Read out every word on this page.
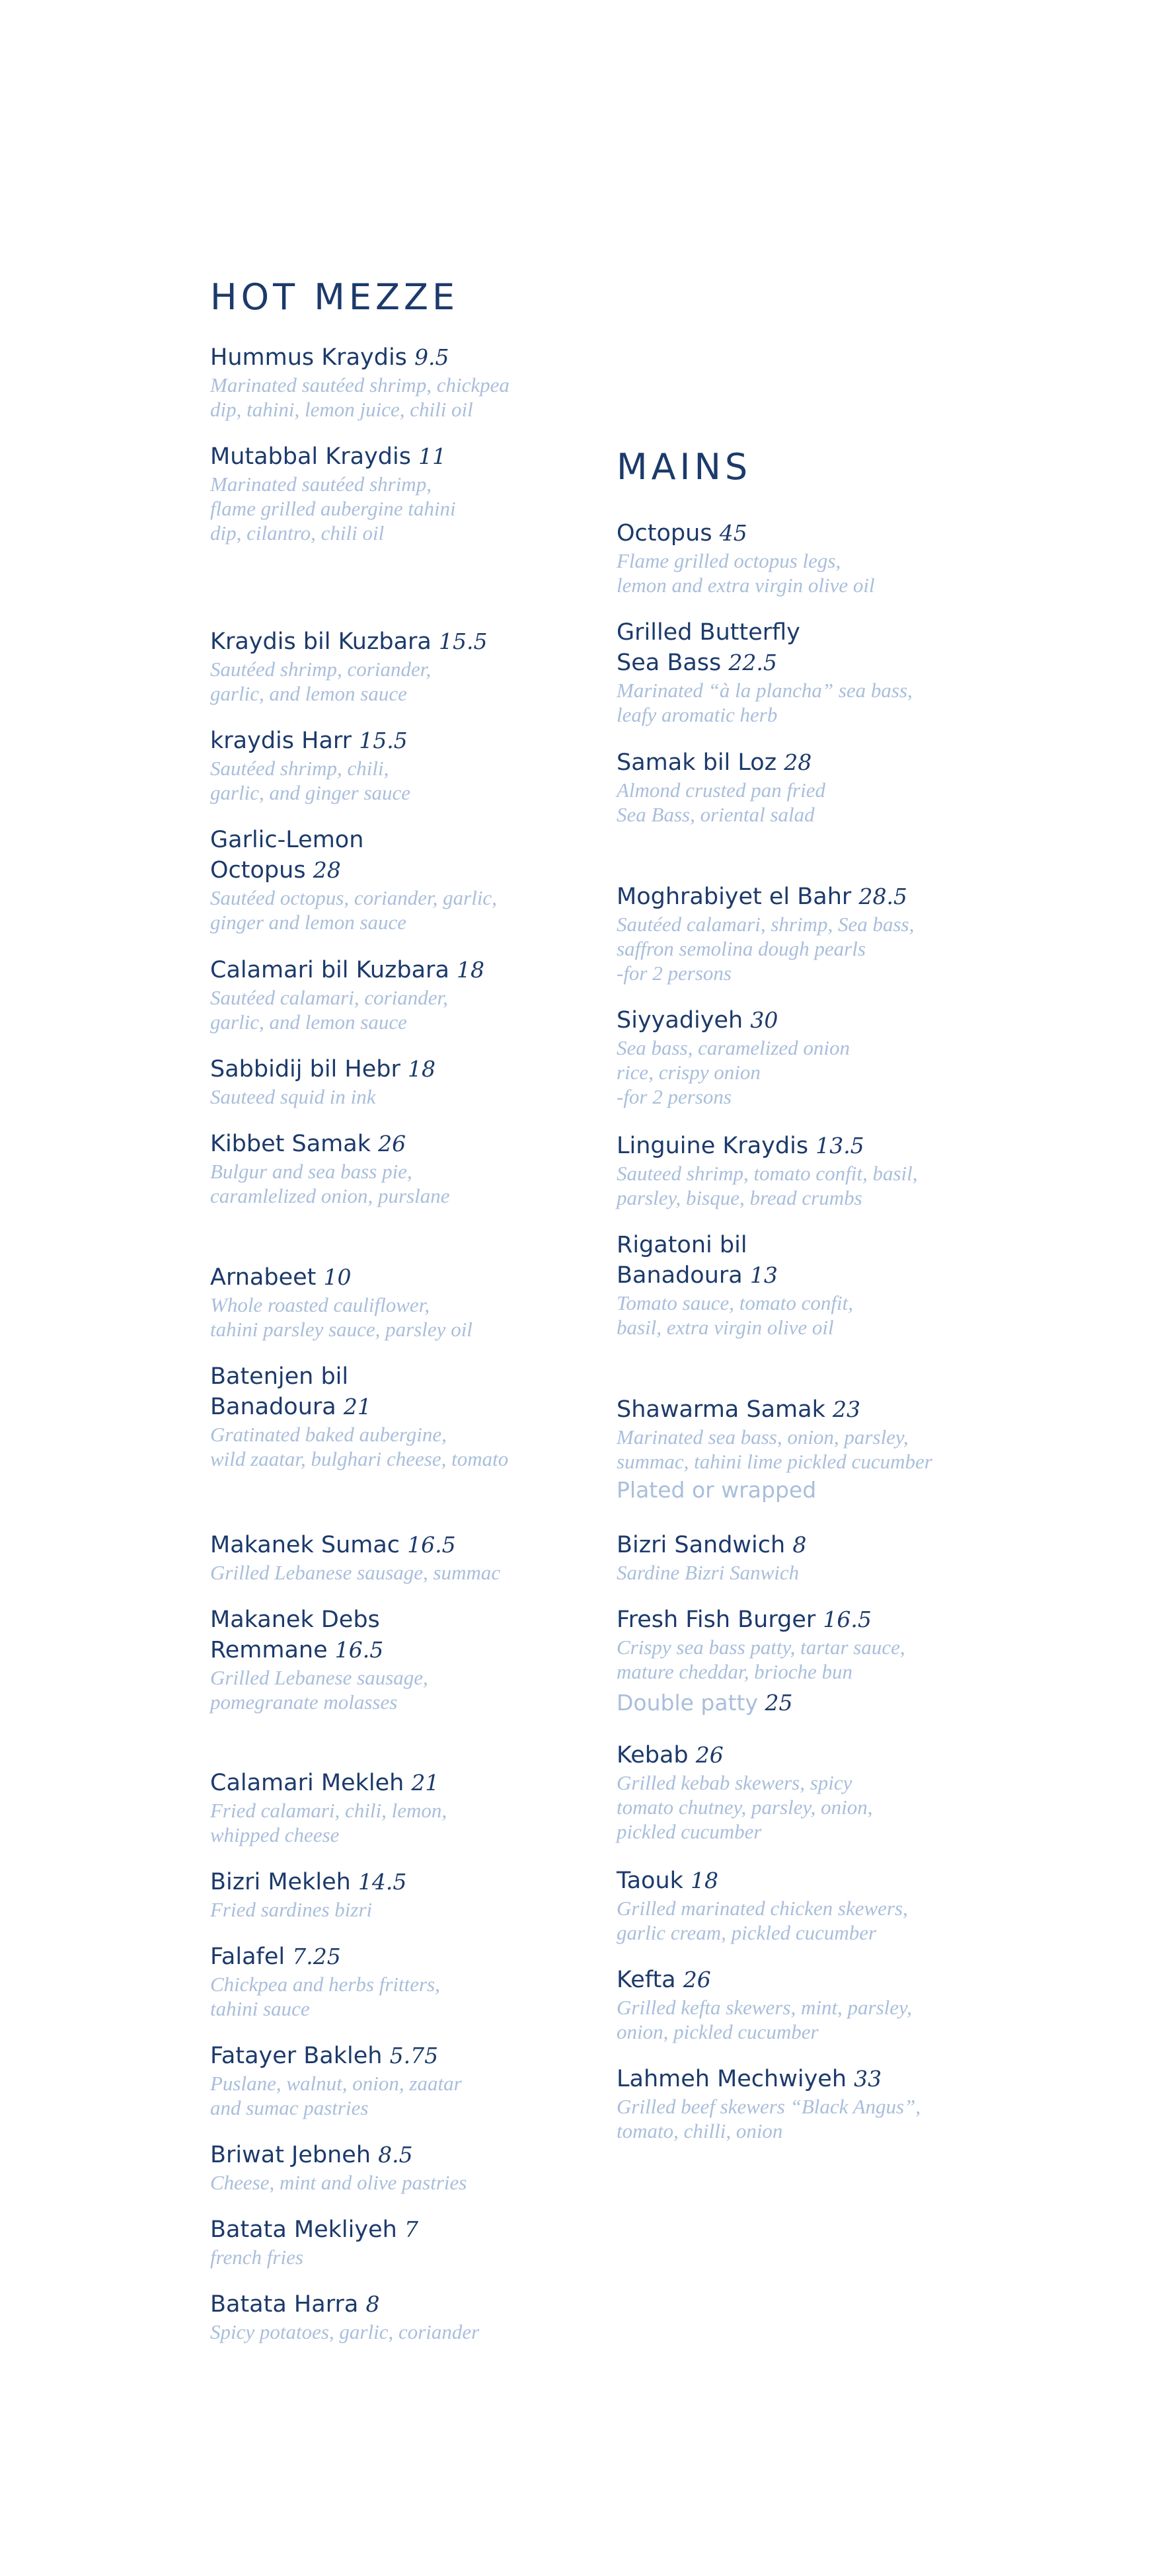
HOT MEZZE
Hummus Kraydis 9.5
Marinated sautéed shrimp, chickpea
dip, tahini, lemon juice, chili oil
Mutabbal Kraydis 11
Marinated sautéed shrimp,
flame grilled aubergine tahini
dip, cilantro, chili oil
Kraydis bil Kuzbara 15.5
Sautéed shrimp, coriander,
garlic, and lemon sauce
kraydis Harr 15.5
Sautéed shrimp, chili,
garlic, and ginger sauce
Garlic-Lemon
Octopus 28
Sautéed octopus, coriander, garlic,
ginger and lemon sauce
Calamari bil Kuzbara 18
Sautéed calamari, coriander,
garlic, and lemon sauce
Sabbidij bil Hebr 18
Sauteed squid in ink
Kibbet Samak 26
Bulgur and sea bass pie,
caramlelized onion, purslane
Arnabeet 10
Whole roasted cauliflower,
tahini parsley sauce, parsley oil
Batenjen bil
Banadoura 21
Gratinated baked aubergine,
wild zaatar, bulghari cheese, tomato
Makanek Sumac 16.5
Grilled Lebanese sausage, summac
Makanek Debs
Remmane 16.5
Grilled Lebanese sausage,
pomegranate molasses
Calamari Mekleh 21
Fried calamari, chili, lemon,
whipped cheese
Bizri Mekleh 14.5
Fried sardines bizri
Falafel 7.25
Chickpea and herbs fritters,
tahini sauce
Fatayer Bakleh 5.75
Puslane, walnut, onion, zaatar
and sumac pastries
Briwat Jebneh 8.5
Cheese, mint and olive pastries
Batata Mekliyeh 7
french fries
Batata Harra 8
Spicy potatoes, garlic, coriander
MAINS
Octopus 45
Flame grilled octopus legs,
lemon and extra virgin olive oil
Grilled Butterfly
Sea Bass 22.5
Marinated “à la plancha” sea bass,
leafy aromatic herb
Samak bil Loz 28
Almond crusted pan fried
Sea Bass, oriental salad
Moghrabiyet el Bahr 28.5
Sautéed calamari, shrimp, Sea bass,
saffron semolina dough pearls
-for 2 persons
Siyyadiyeh 30
Sea bass, caramelized onion
rice, crispy onion
-for 2 persons
Linguine Kraydis 13.5
Sauteed shrimp, tomato confit, basil,
parsley, bisque, bread crumbs
Rigatoni bil
Banadoura 13
Tomato sauce, tomato confit,
basil, extra virgin olive oil
Shawarma Samak 23
Marinated sea bass, onion, parsley,
summac, tahini lime pickled cucumber
Bizri Sandwich 8
Sardine Bizri Sanwich
Fresh Fish Burger 16.5
Crispy sea bass patty, tartar sauce,
mature cheddar, brioche bun
Kebab 26
Grilled kebab skewers, spicy
tomato chutney, parsley, onion,
pickled cucumber
Taouk 18
Grilled marinated chicken skewers,
garlic cream, pickled cucumber
Kefta 26
Grilled kefta skewers, mint, parsley,
onion, pickled cucumber
Lahmeh Mechwiyeh 33
Grilled beef skewers “Black Angus”,
tomato, chilli, onion
Plated or wrapped
Double patty 25
